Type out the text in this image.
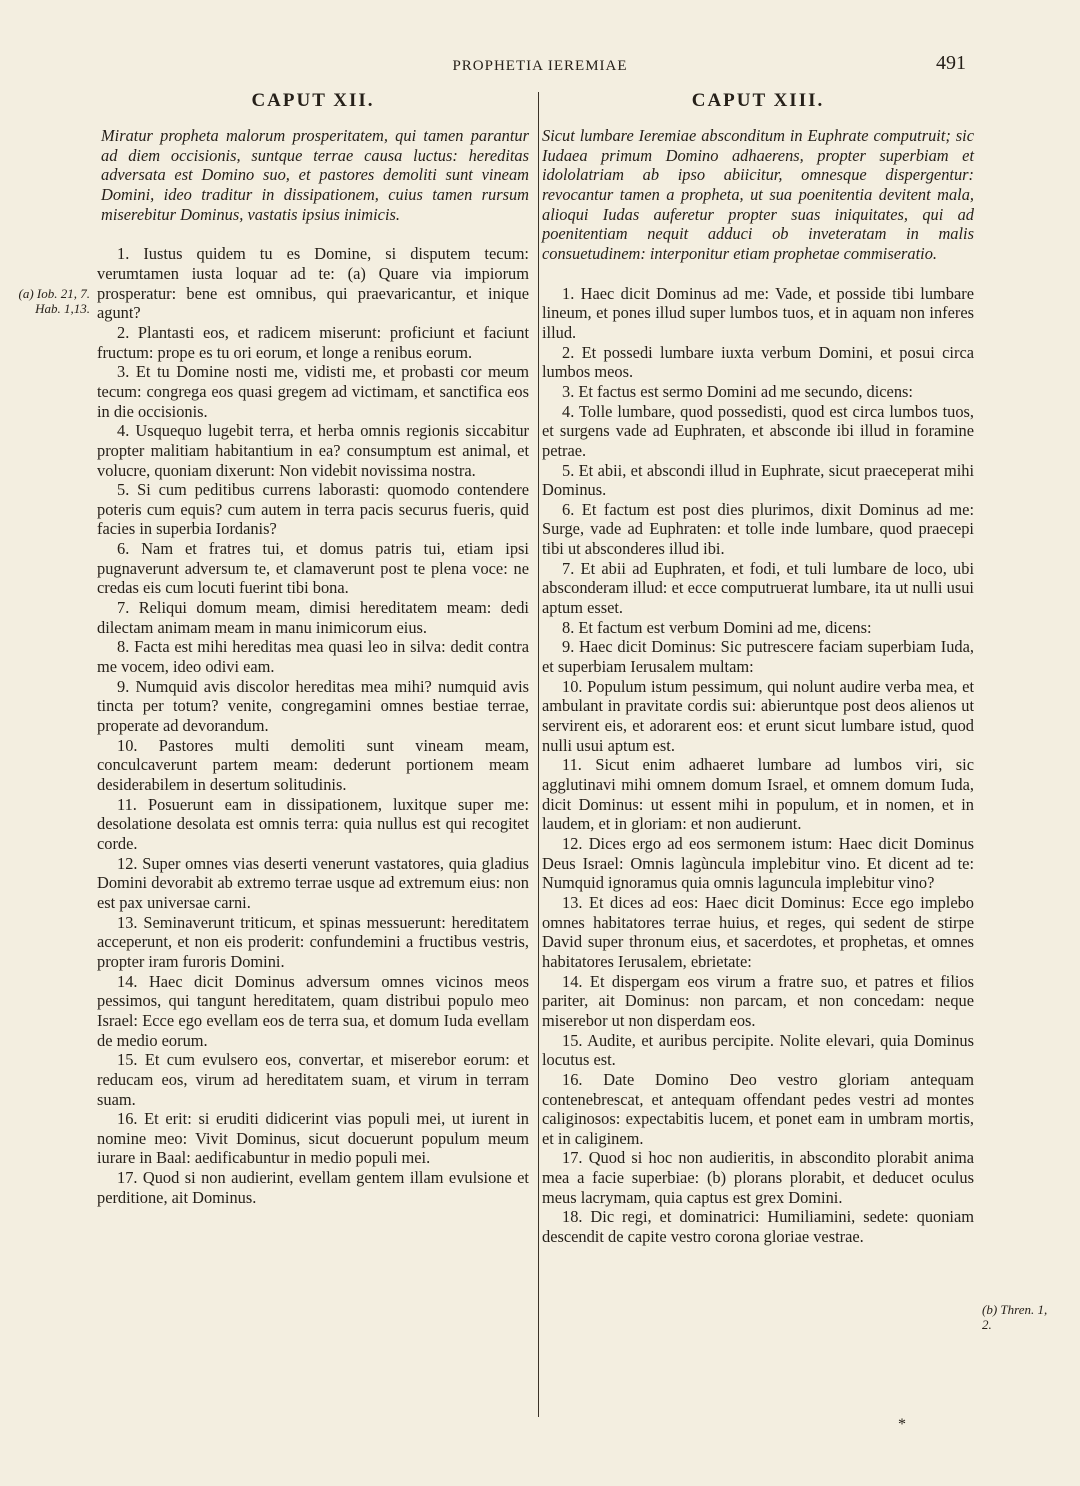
PROPHETIA IEREMIAE	491
CAPUT XII.

Miratur propheta malorum prosperitatem, qui tamen parantur ad diem occisionis, suntque terrae causa luctus: hereditas adversata est Domino suo, et pastores demoliti sunt vineam Domini, ideo traditur in dissipationem, cuius tamen rursum miserebitur Dominus, vastatis ipsius inimicis.

1. Iustus quidem tu es Domine, si disputem tecum: verumtamen iusta loquar ad te: (a) Quare via impiorum prosperatur: bene est omnibus, qui praevaricantur, et inique agunt?

2. Plantasti eos, et radicem miserunt: proficiunt et faciunt fructum: prope es tu ori eorum, et longe a renibus eorum.

3. Et tu Domine nosti me, vidisti me, et probasti cor meum tecum: congrega eos quasi gregem ad victimam, et sanctifica eos in die occisionis.

4. Usquequo lugebit terra, et herba omnis regionis siccabitur propter malitiam habitantium in ea? consumptum est animal, et volucre, quoniam dixerunt: Non videbit novissima nostra.

5. Si cum peditibus currens laborasti: quomodo contendere poteris cum equis? cum autem in terra pacis securus fueris, quid facies in superbia Iordanis?

6. Nam et fratres tui, et domus patris tui, etiam ipsi pugnaverunt adversum te, et clamaverunt post te plena voce: ne credas eis cum locuti fuerint tibi bona.

7. Reliqui domum meam, dimisi hereditatem meam: dedi dilectam animam meam in manu inimicorum eius.

8. Facta est mihi hereditas mea quasi leo in silva: dedit contra me vocem, ideo odivi eam.

9. Numquid avis discolor hereditas mea mihi? numquid avis tincta per totum? venite, congregamini omnes bestiae terrae, properate ad devorandum.

10. Pastores multi demoliti sunt vineam meam, conculcaverunt partem meam: dederunt portionem meam desiderabilem in desertum solitudinis.

11. Posuerunt eam in dissipationem, luxitque super me: desolatione desolata est omnis terra: quia nullus est qui recogitet corde.

12. Super omnes vias deserti venerunt vastatores, quia gladius Domini devorabit ab extremo terrae usque ad extremum eius: non est pax universae carni.

13. Seminaverunt triticum, et spinas messuerunt: hereditatem acceperunt, et non eis proderit: confundemini a fructibus vestris, propter iram furoris Domini.

14. Haec dicit Dominus adversum omnes vicinos meos pessimos, qui tangunt hereditatem, quam distribui populo meo Israel: Ecce ego evellam eos de terra sua, et domum Iuda evellam de medio eorum.

15. Et cum evulsero eos, convertar, et miserebor eorum: et reducam eos, virum ad hereditatem suam, et virum in terram suam.

16. Et erit: si eruditi didicerint vias populi mei, ut iurent in nomine meo: Vivit Dominus, sicut docuerunt populum meum iurare in Baal: aedificabuntur in medio populi mei.

17. Quod si non audierint, evellam gentem illam evulsione et perditione, ait Dominus.

(a) Iob. 21, 7. Hab. 1,13.
CAPUT XIII.

Sicut lumbare Ieremiae absconditum in Euphrate computruit; sic Iudaea primum Domino adhaerens, propter superbiam et idololatriam ab ipso abiicitur, omnesque dispergentur: revocantur tamen a propheta, ut sua poenitentia devitent mala, alioqui Iudas auferetur propter suas iniquitates, qui ad poenitentiam nequit adduci ob inveteratam in malis consuetudinem: interponitur etiam prophetae commiseratio.

1. Haec dicit Dominus ad me: Vade, et posside tibi lumbare lineum, et pones illud super lumbos tuos, et in aquam non inferes illud.

2. Et possedi lumbare iuxta verbum Domini, et posui circa lumbos meos.

3. Et factus est sermo Domini ad me secundo, dicens:

4. Tolle lumbare, quod possedisti, quod est circa lumbos tuos, et surgens vade ad Euphraten, et absconde ibi illud in foramine petrae.

5. Et abii, et abscondi illud in Euphrate, sicut praeceperat mihi Dominus.

6. Et factum est post dies plurimos, dixit Dominus ad me: Surge, vade ad Euphraten: et tolle inde lumbare, quod praecepi tibi ut absconderes illud ibi.

7. Et abii ad Euphraten, et fodi, et tuli lumbare de loco, ubi absconderam illud: et ecce computruerat lumbare, ita ut nulli usui aptum esset.

8. Et factum est verbum Domini ad me, dicens:

9. Haec dicit Dominus: Sic putrescere faciam superbiam Iuda, et superbiam Ierusalem multam:

10. Populum istum pessimum, qui nolunt audire verba mea, et ambulant in pravitate cordis sui: abieruntque post deos alienos ut servirent eis, et adorarent eos: et erunt sicut lumbare istud, quod nulli usui aptum est.

11. Sicut enim adhaeret lumbare ad lumbos viri, sic agglutinavi mihi omnem domum Israel, et omnem domum Iuda, dicit Dominus: ut essent mihi in populum, et in nomen, et in laudem, et in gloriam: et non audierunt.

12. Dices ergo ad eos sermonem istum: Haec dicit Dominus Deus Israel: Omnis lagùncula implebitur vino. Et dicent ad te: Numquid ignoramus quia omnis laguncula implebitur vino?

13. Et dices ad eos: Haec dicit Dominus: Ecce ego implebo omnes habitatores terrae huius, et reges, qui sedent de stirpe David super thronum eius, et sacerdotes, et prophetas, et omnes habitatores Ierusalem, ebrietate:

14. Et dispergam eos virum a fratre suo, et patres et filios pariter, ait Dominus: non parcam, et non concedam: neque miserebor ut non disperdam eos.

15. Audite, et auribus percipite. Nolite elevari, quia Dominus locutus est.

16. Date Domino Deo vestro gloriam antequam contenebrescat, et antequam offendant pedes vestri ad montes caliginosos: expectabitis lucem, et ponet eam in umbram mortis, et in caliginem.

17. Quod si hoc non audieritis, in abscondito plorabit anima mea a facie superbiae: (b) plorans plorabit, et deducet oculus meus lacrymam, quia captus est grex Domini.

18. Dic regi, et dominatrici: Humiliamini, sedete: quoniam descendit de capite vestro corona gloriae vestrae.

(b) Thren. 1, 2.
*
